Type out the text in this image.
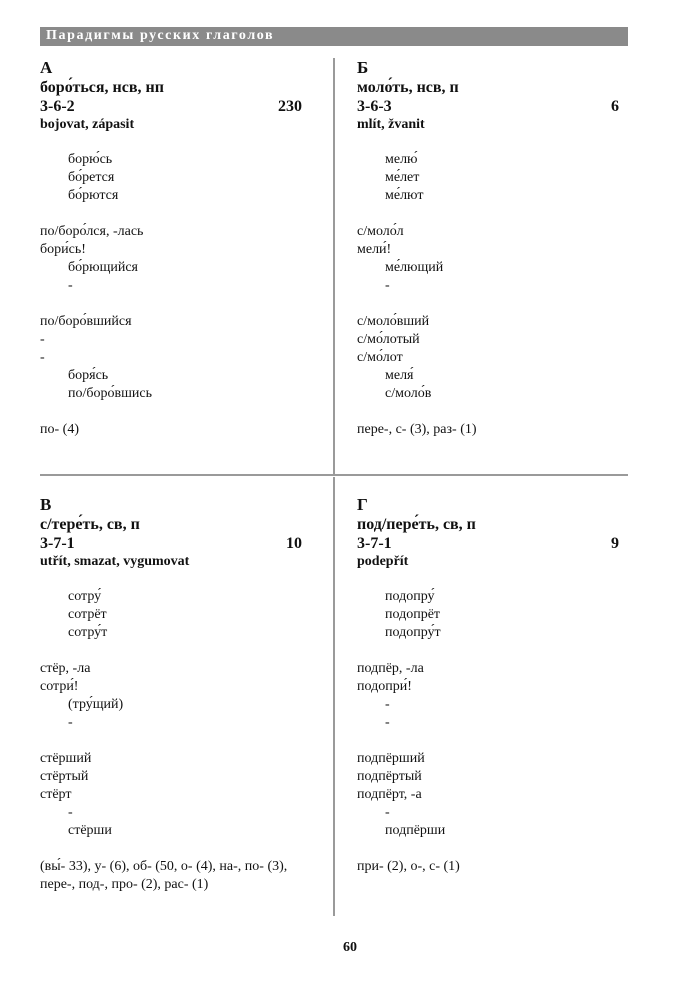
Парадигмы русских глаголов
А
боро́ться, нсв, нп
3-6-2	230
bojovat, zápasit
борю́сь
бо́рется
бо́рются
по/боро́лся, -лась
бори́сь!
бо́рющийся
-
по/боро́вшийся
-
-
боря́сь
по/боро́вшись
по- (4)
Б
моло́ть, нсв, п
3-6-3	6
mlít, žvanit
мелю́
ме́лет
ме́лют
с/моло́л
мели́!
ме́лющий
-
с/моло́вший
с/мо́лотый
с/мо́лот
меля́
с/моло́в
пере-, с- (3), раз- (1)
В
с/тере́ть, св, п
3-7-1	10
utřít, smazat, vygumovat
сотру́
сотрёт
сотру́т
стёр, -ла
сотри́!
(тру́щий)
-
стёрший
стёртый
стёрт
-
стёрши
(вы́- 33), у- (6), об- (50, о- (4), на-, по- (3), пере-, под-, про- (2), рас- (1)
Г
под/пере́ть, св, п
3-7-1	9
podepřít
подопру́
подопрёт
подопру́т
подпёр, -ла
подопри́!
-
-
подпёрший
подпёртый
подпёрт, -а
-
подпёрши
при- (2), о-, с- (1)
60
